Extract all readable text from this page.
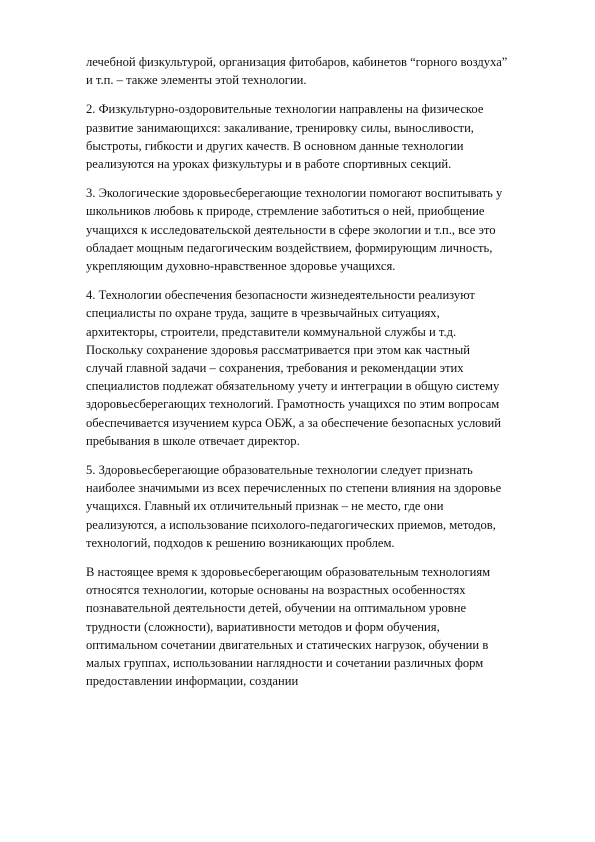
лечебной физкультурой, организация фитобаров, кабинетов “горного воздуха”
и т.п. – также элементы этой технологии.

2. Физкультурно-оздоровительные технологии направлены на физическое
развитие занимающихся: закаливание, тренировку силы, выносливости,
быстроты, гибкости и других качеств. В основном данные технологии
реализуются на уроках физкультуры и в работе спортивных секций.

3. Экологические здоровьесберегающие технологии помогают воспитывать у
школьников любовь к природе, стремление заботиться о ней, приобщение
учащихся к исследовательской деятельности в сфере экологии и т.п., все это
обладает мощным педагогическим воздействием, формирующим личность,
укрепляющим духовно-нравственное здоровье учащихся.

4. Технологии обеспечения безопасности жизнедеятельности реализуют
специалисты по охране труда, защите в чрезвычайных ситуациях,
архитекторы, строители, представители коммунальной службы и т.д.
Поскольку сохранение здоровья рассматривается при этом как частный
случай главной задачи – сохранения, требования и рекомендации этих
специалистов подлежат обязательному учету и интеграции в общую систему
здоровьесберегающих технологий. Грамотность учащихся по этим вопросам
обеспечивается изучением курса ОБЖ, а за обеспечение безопасных условий
пребывания в школе отвечает директор.

5. Здоровьесберегающие образовательные технологии следует признать
наиболее значимыми из всех перечисленных по степени влияния на здоровье
учащихся. Главный их отличительный признак – не место, где они
реализуются, а использование психолого-педагогических приемов, методов,
технологий, подходов к решению возникающих проблем.

В настоящее время к здоровьесберегающим образовательным технологиям
относятся технологии, которые основаны на возрастных особенностях
познавательной деятельности детей, обучении на оптимальном уровне
трудности (сложности), вариативности методов и форм обучения,
оптимальном сочетании двигательных и статических нагрузок, обучении в
малых группах, использовании наглядности и сочетании различных форм
предоставлении информации, создании
